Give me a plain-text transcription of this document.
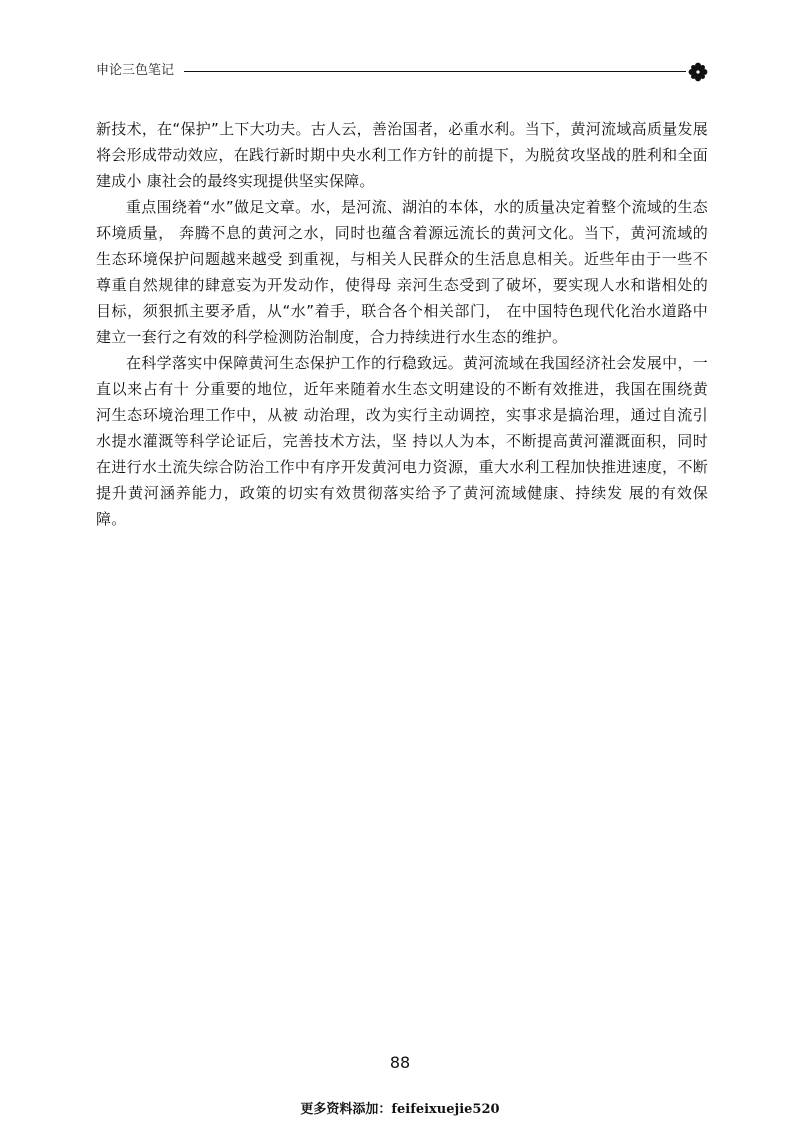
申论三色笔记

新技术，在“保护”上下大功夫。古人云，善治国者，必重水利。当下，黄河流域高质量发展将会形成带动效应，在践行新时期中央水利工作方针的前提下，为脱贫攻坚战的胜利和全面建成小 康社会的最终实现提供坚实保障。

重点围绕着“水”做足文章。水，是河流、湖泊的本体，水的质量决定着整个流域的生态环境质量， 奔腾不息的黄河之水，同时也蕴含着源远流长的黄河文化。当下，黄河流域的生态环境保护问题越来越受 到重视，与相关人民群众的生活息息相关。近些年由于一些不尊重自然规律的肆意妄为开发动作，使得母 亲河生态受到了破坏，要实现人水和谐相处的目标，须狠抓主要矛盾，从“水”着手，联合各个相关部门， 在中国特色现代化治水道路中建立一套行之有效的科学检测防治制度，合力持续进行水生态的维护。

在科学落实中保障黄河生态保护工作的行稳致远。黄河流域在我国经济社会发展中，一直以来占有十 分重要的地位，近年来随着水生态文明建设的不断有效推进，我国在围绕黄河生态环境治理工作中，从被 动治理，改为实行主动调控，实事求是搞治理，通过自流引水提水灌溉等科学论证后，完善技术方法，坚 持以人为本，不断提高黄河灌溉面积，同时在进行水土流失综合防治工作中有序开发黄河电力资源，重大水利工程加快推进速度，不断提升黄河涵养能力，政策的切实有效贯彻落实给予了黄河流域健康、持续发 展的有效保障。

88
更多资料添加：feifeixuejie520
